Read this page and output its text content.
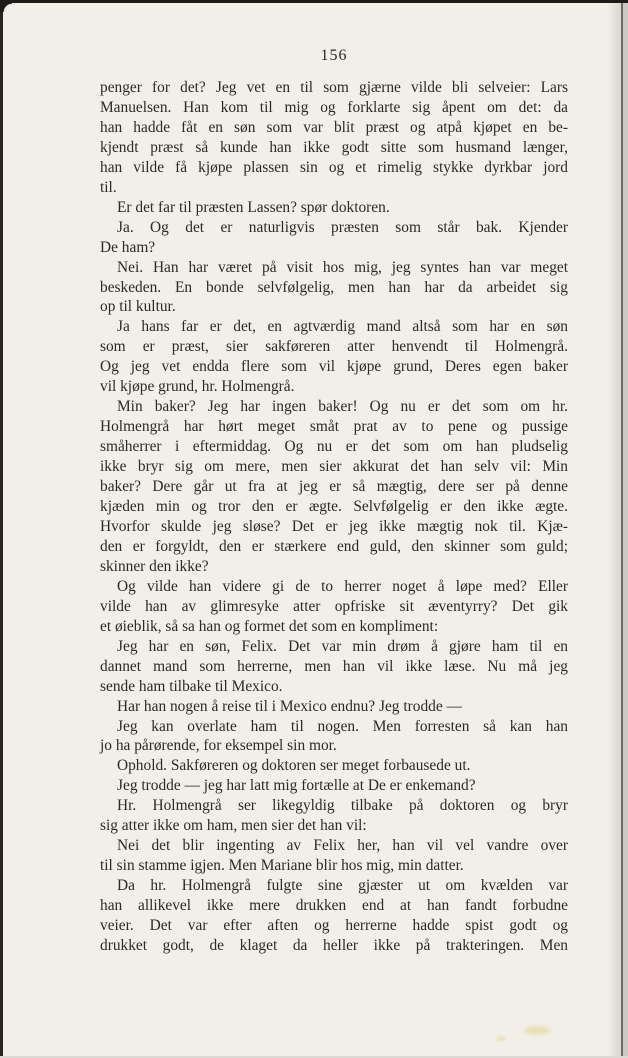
156
penger for det? Jeg vet en til som gjærne vilde bli selveier: Lars
Manuelsen. Han kom til mig og forklarte sig åpent om det: da
han hadde fåt en søn som var blit præst og atpå kjøpet en be-
kjendt præst så kunde han ikke godt sitte som husmand længer,
han vilde få kjøpe plassen sin og et rimelig stykke dyrkbar jord
til.
Er det far til præsten Lassen? spør doktoren.
Ja. Og det er naturligvis præsten som står bak. Kjender
De ham?
Nei. Han har været på visit hos mig, jeg syntes han var meget
beskeden. En bonde selvfølgelig, men han har da arbeidet sig
op til kultur.
Ja hans far er det, en agtværdig mand altså som har en søn
som er præst, sier sakføreren atter henvendt til Holmengrå.
Og jeg vet endda flere som vil kjøpe grund, Deres egen baker
vil kjøpe grund, hr. Holmengrå.
Min baker? Jeg har ingen baker! Og nu er det som om hr.
Holmengrå har hørt meget småt prat av to pene og pussige
småherrer i eftermiddag. Og nu er det som om han pludselig
ikke bryr sig om mere, men sier akkurat det han selv vil: Min
baker? Dere går ut fra at jeg er så mægtig, dere ser på denne
kjæden min og tror den er ægte. Selvfølgelig er den ikke ægte.
Hvorfor skulde jeg sløse? Det er jeg ikke mægtig nok til. Kjæ-
den er forgyldt, den er stærkere end guld, den skinner som guld;
skinner den ikke?
Og vilde han videre gi de to herrer noget å løpe med? Eller
vilde han av glimresyke atter opfriske sit æventyrry? Det gik
et øieblik, så sa han og formet det som en kompliment:
Jeg har en søn, Felix. Det var min drøm å gjøre ham til en
dannet mand som herrerne, men han vil ikke læse. Nu må jeg
sende ham tilbake til Mexico.
Har han nogen å reise til i Mexico endnu? Jeg trodde —
Jeg kan overlate ham til nogen. Men forresten så kan han
jo ha pårørende, for eksempel sin mor.
Ophold. Sakføreren og doktoren ser meget forbausede ut.
Jeg trodde — jeg har latt mig fortælle at De er enkemand?
Hr. Holmengrå ser likegyldig tilbake på doktoren og bryr
sig atter ikke om ham, men sier det han vil:
Nei det blir ingenting av Felix her, han vil vel vandre over
til sin stamme igjen. Men Mariane blir hos mig, min datter.
Da hr. Holmengrå fulgte sine gjæster ut om kvælden var
han allikevel ikke mere drukken end at han fandt forbudne
veier. Det var efter aften og herrerne hadde spist godt og
drukket godt, de klaget da heller ikke på trakteringen. Men
